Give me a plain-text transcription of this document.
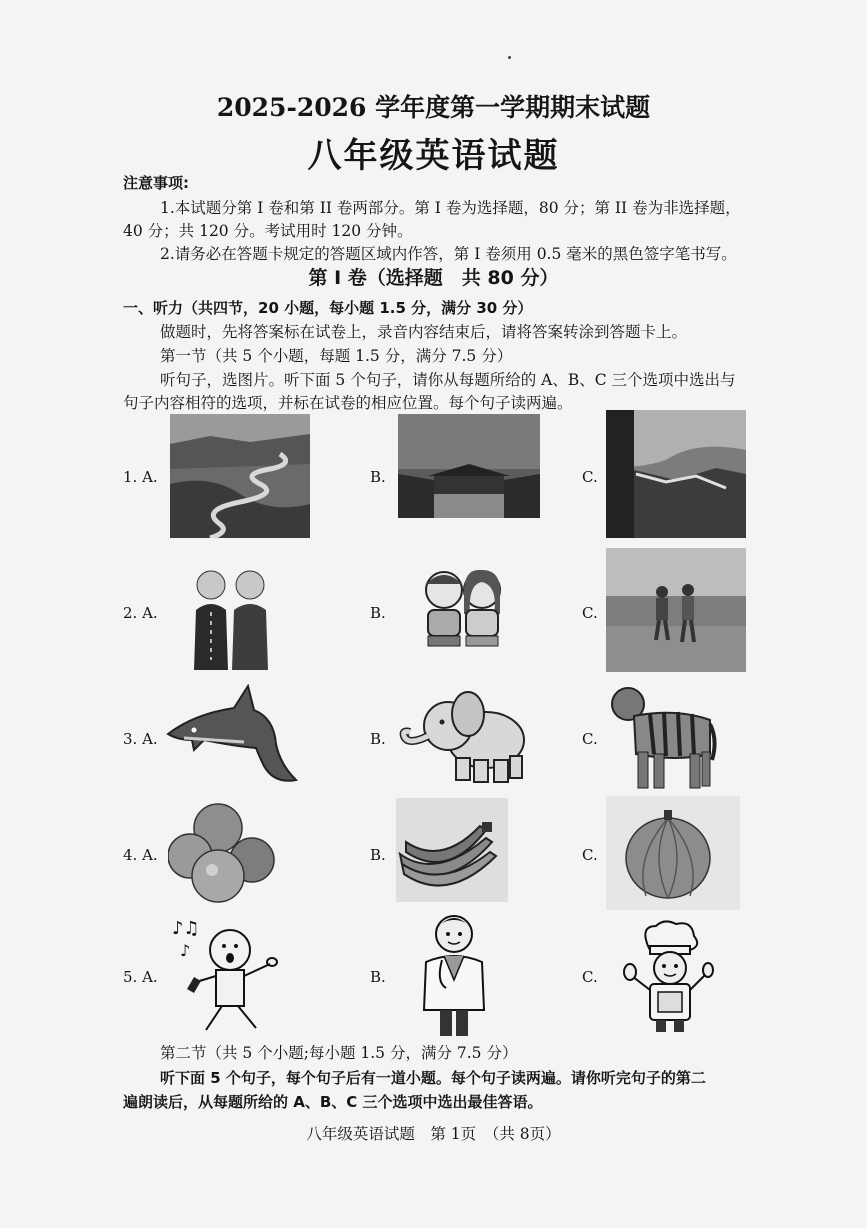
2025-2026 学年度第一学期期末试题
八年级英语试题
注意事项:
1.本试题分第 I 卷和第 II 卷两部分。第 I 卷为选择题，80 分；第 II 卷为非选择题，
40 分；共 120 分。考试用时 120 分钟。
2.请务必在答题卡规定的答题区域内作答，第 I 卷须用 0.5 毫米的黑色签字笔书写。
第 I 卷（选择题　共 80 分）
一、听力（共四节，20 小题，每小题 1.5 分，满分 30 分）
做题时，先将答案标在试卷上，录音内容结束后，请将答案转涂到答题卡上。
第一节（共 5 个小题，每题 1.5 分，满分 7.5 分）
听句子，选图片。听下面 5 个句子，请你从每题所给的 A、B、C 三个选项中选出与
句子内容相符的选项，并标在试卷的相应位置。每个句子读两遍。
1. A.	B.	C.
2. A.	B.	C.
3. A.	B.	C.
4. A.	B.	C.
5. A.	B.	C.
♪♫
♪
第二节（共 5 个小题;每小题 1.5 分，满分 7.5 分）
听下面 5 个句子，每个句子后有一道小题。每个句子读两遍。请你听完句子的第二
遍朗读后，从每题所给的 A、B、C 三个选项中选出最佳答语。
八年级英语试题　第 1页　（共 8页）
